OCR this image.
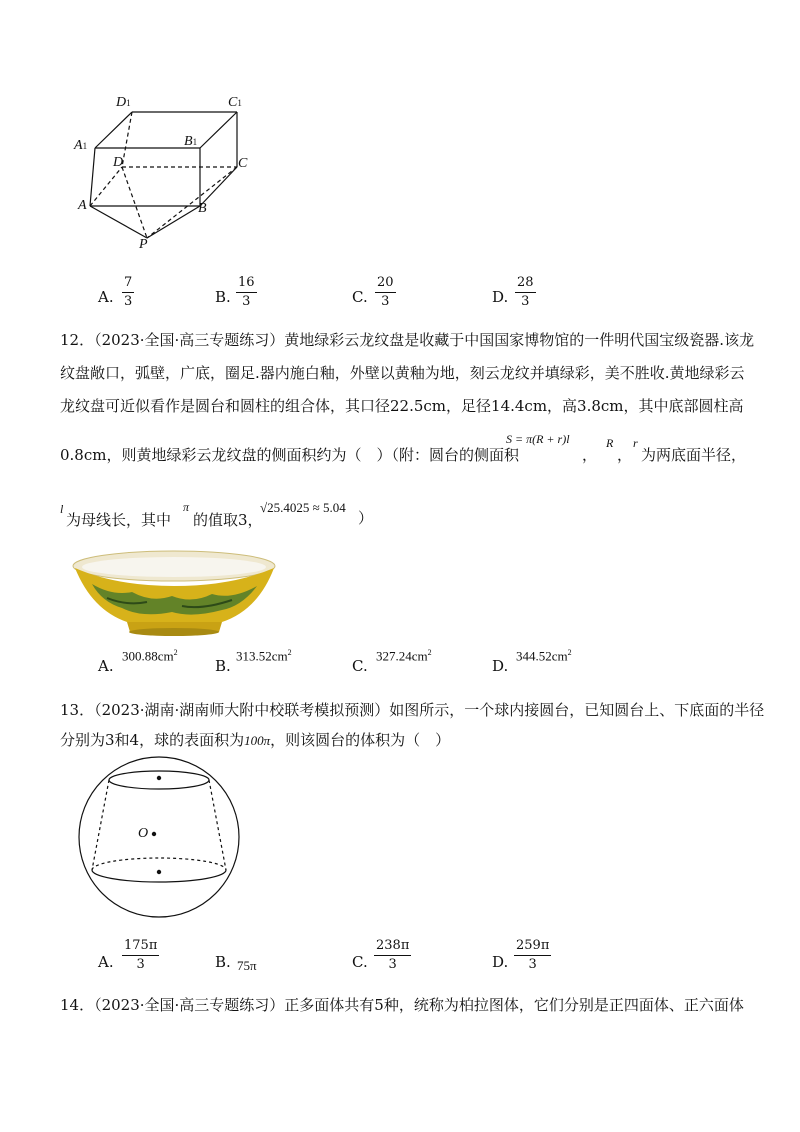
D1	C1
A1	B1
D	C
A	B
P
A.
7
3	B.
16
3	C.
20
3	D.
28
3
12．（2023·全国·高三专题练习）黄地绿彩云龙纹盘是收藏于中国国家博物馆的一件明代国宝级瓷器.该龙
纹盘敞口，弧壁，广底，圈足.器内施白釉，外壁以黄釉为地，刻云龙纹并填绿彩，美不胜收.黄地绿彩云
龙纹盘可近似看作是圆台和圆柱的组合体，其口径22.5cm，足径14.4cm，高3.8cm，其中底部圆柱高
0.8cm，则黄地绿彩云龙纹盘的侧面积约为（　）（附：圆台的侧面积
S = π(R + r)l
，
R
，
r
为两底面半径，
l
为母线长，其中
π
的值取3，
√25.4025 ≈ 5.04
）
A.
$300.88cm^2$
B.
$313.52cm^2$
C.
$327.24cm^2$
D.
$344.52cm^2$
13．（2023·湖南·湖南师大附中校联考模拟预测）如图所示，一个球内接圆台，已知圆台上、下底面的半径
分别为3和4，球的表面积为100π，则该圆台的体积为（　）
O
A.
175π
3	B. 75π	C.
238π
3	D.
259π
3
14．（2023·全国·高三专题练习）正多面体共有5种，统称为柏拉图体，它们分别是正四面体、正六面体
